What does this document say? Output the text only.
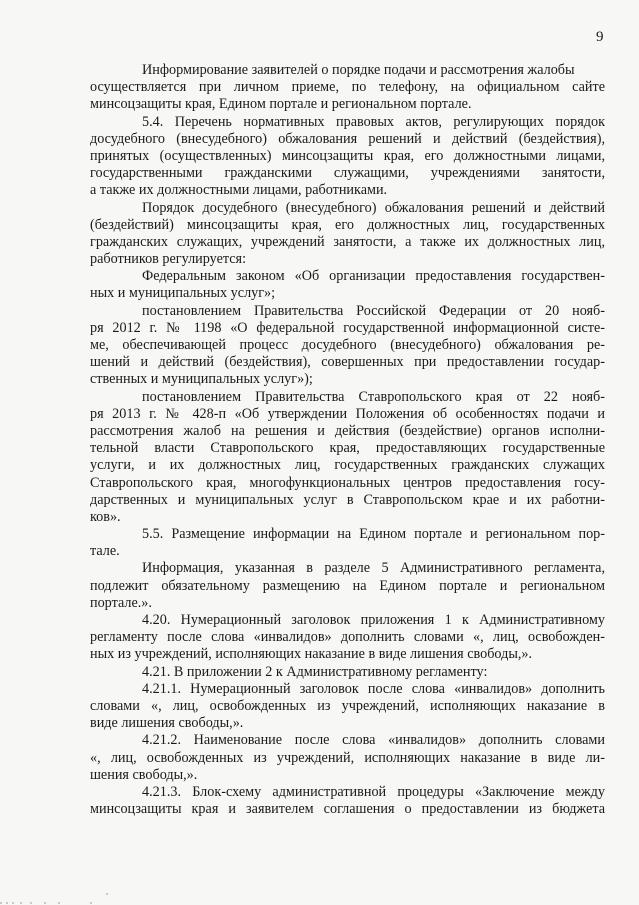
9
Информирование заявителей о порядке подачи и рассмотрения жалобы
осуществляется при личном приеме, по телефону, на официальном сайте
минсоцзащиты края, Едином портале и региональном портале.
5.4. Перечень нормативных правовых актов, регулирующих порядок
досудебного (внесудебного) обжалования решений и действий (бездействия),
принятых (осуществленных) минсоцзащиты края, его должностными лицами,
государственными гражданскими служащими, учреждениями занятости,
а также их должностными лицами, работниками.
Порядок досудебного (внесудебного) обжалования решений и действий
(бездействий) минсоцзащиты края, его должностных лиц, государственных
гражданских служащих, учреждений занятости, а также их должностных лиц,
работников регулируется:
Федеральным законом «Об организации предоставления государствен-
ных и муниципальных услуг»;
постановлением Правительства Российской Федерации от 20 нояб-
ря 2012 г. № 1198 «О федеральной государственной информационной систе-
ме, обеспечивающей процесс досудебного (внесудебного) обжалования ре-
шений и действий (бездействия), совершенных при предоставлении государ-
ственных и муниципальных услуг»);
постановлением Правительства Ставропольского края от 22 нояб-
ря 2013 г. № 428-п «Об утверждении Положения об особенностях подачи и
рассмотрения жалоб на решения и действия (бездействие) органов исполни-
тельной власти Ставропольского края, предоставляющих государственные
услуги, и их должностных лиц, государственных гражданских служащих
Ставропольского края, многофункциональных центров предоставления госу-
дарственных и муниципальных услуг в Ставропольском крае и их работни-
ков».
5.5. Размещение информации на Едином портале и региональном пор-
тале.
Информация, указанная в разделе 5 Административного регламента,
подлежит обязательному размещению на Едином портале и региональном
портале.».
4.20. Нумерационный заголовок приложения 1 к Административному
регламенту после слова «инвалидов» дополнить словами «, лиц, освобожден-
ных из учреждений, исполняющих наказание в виде лишения свободы,».
4.21. В приложении 2 к Административному регламенту:
4.21.1. Нумерационный заголовок после слова «инвалидов» дополнить
словами «, лиц, освобожденных из учреждений, исполняющих наказание в
виде лишения свободы,».
4.21.2. Наименование после слова «инвалидов» дополнить словами
«, лиц, освобожденных из учреждений, исполняющих наказание в виде ли-
шения свободы,».
4.21.3. Блок-схему административной процедуры «Заключение между
минсоцзащиты края и заявителем соглашения о предоставлении из бюджета
